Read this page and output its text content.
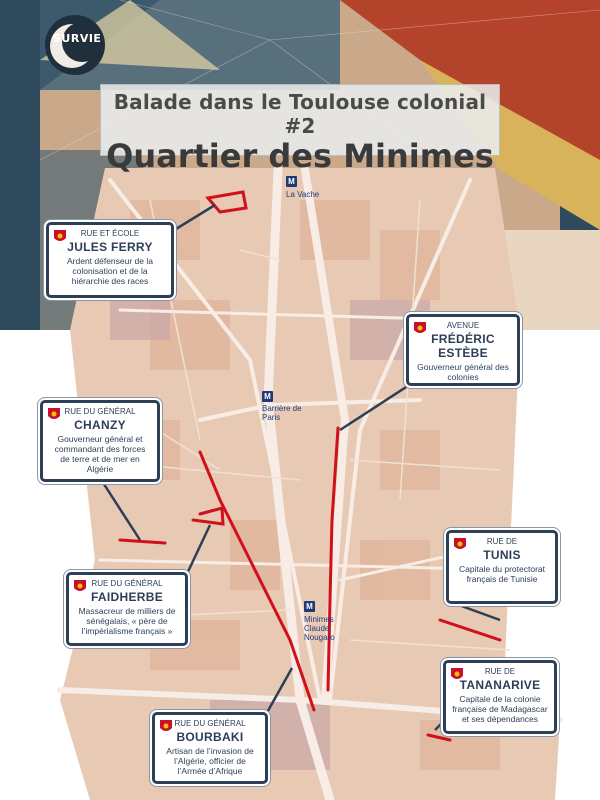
SURVIE
Balade dans le Toulouse colonial #2
Quartier des Minimes
M
La Vache
M
Barrière de Paris
M
Minimes Claude Nougaro
RUE ET ÉCOLE
JULES FERRY
Ardent défenseur de la colonisation et de la hiérarchie des races
AVENUE
FRÉDÉRIC ESTÈBE
Gouverneur général des colonies
RUE DU GÉNÉRAL
CHANZY
Gouverneur général et commandant des forces de terre et de mer en Algérie
RUE DE
TUNIS
Capitale du protectorat français de Tunisie
RUE DU GÉNÉRAL
FAIDHERBE
Massacreur de milliers de sénégalais, « père de l’impérialisme français »
RUE DE
TANANARIVE
Capitale de la colonie française de Madagascar et ses dépendances
RUE DU GÉNÉRAL
BOURBAKI
Artisan de l’invasion de l’Algérie, officier de l’Armée d’Afrique
